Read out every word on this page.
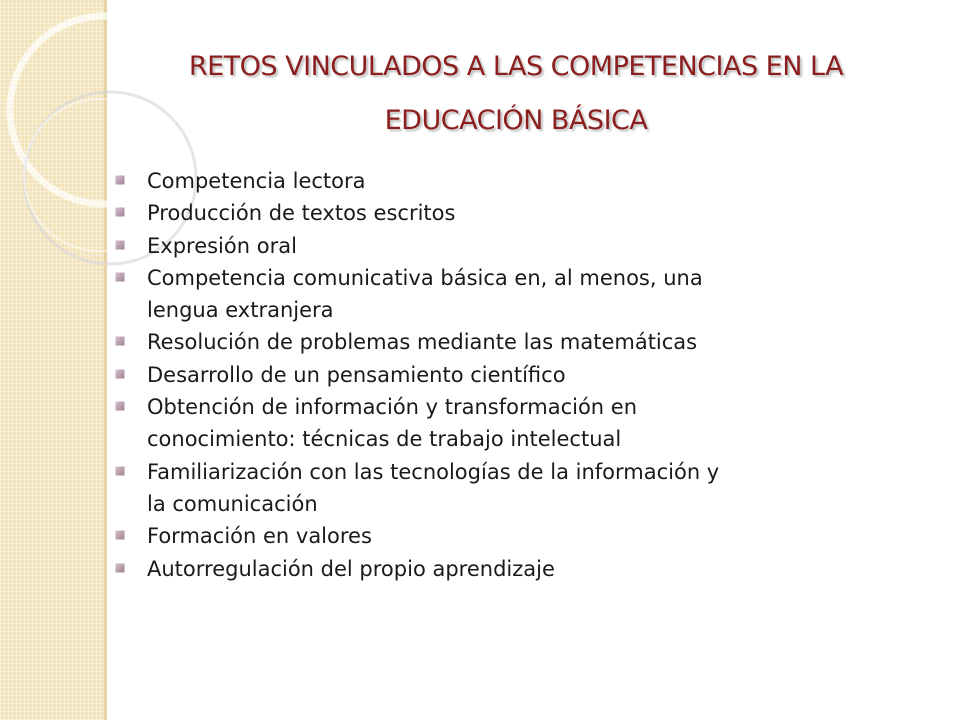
RETOS VINCULADOS A LAS COMPETENCIAS EN LA
EDUCACIÓN BÁSICA
Competencia lectora
Producción de textos escritos
Expresión oral
Competencia comunicativa básica en, al menos, una
lengua extranjera
Resolución de problemas mediante las matemáticas
Desarrollo de un pensamiento científico
Obtención de información y transformación en
conocimiento: técnicas de trabajo intelectual
Familiarización con las tecnologías de la información y
la comunicación
Formación en valores
Autorregulación del propio aprendizaje
